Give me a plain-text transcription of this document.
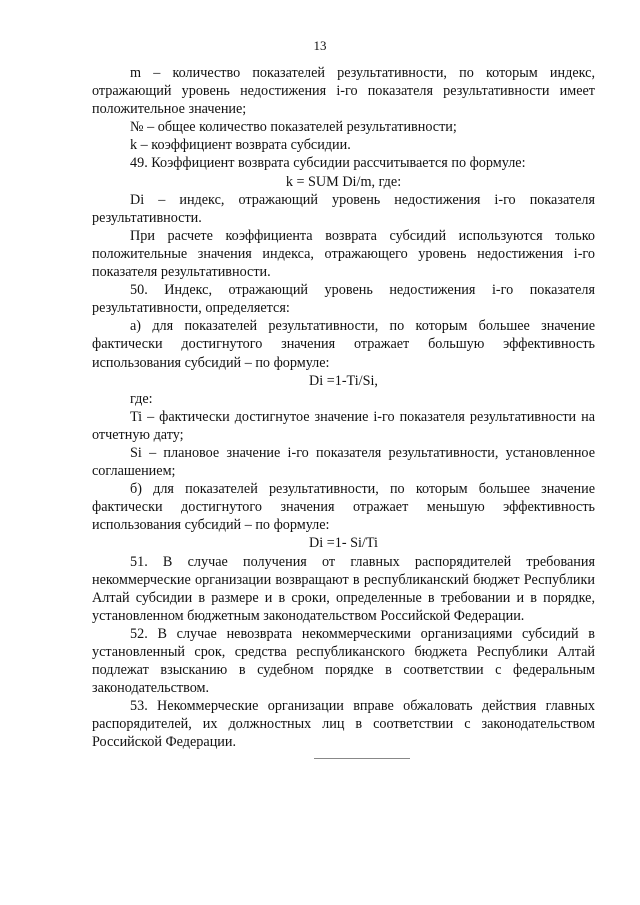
13

m – количество показателей результативности, по которым индекс, отражающий уровень недостижения i-го показателя результативности имеет положительное значение;

№ – общее количество показателей результативности;

k – коэффициент возврата субсидии.

49. Коэффициент возврата субсидии рассчитывается по формуле:

k = SUM Di/m, где:

Di – индекс, отражающий уровень недостижения i-го показателя результативности.

При расчете коэффициента возврата субсидий используются только положительные значения индекса, отражающего уровень недостижения i-го показателя результативности.

50. Индекс, отражающий уровень недостижения i-го показателя результативности, определяется:

а) для показателей результативности, по которым большее значение фактически достигнутого значения отражает большую эффективность использования субсидий – по формуле:

Di =1-Ti/Si,

где:

Ti – фактически достигнутое значение i-го показателя результативности на отчетную дату;

Si – плановое значение i-го показателя результативности, установленное соглашением;

б) для показателей результативности, по которым большее значение фактически достигнутого значения отражает меньшую эффективность использования субсидий – по формуле:

Di =1- Si/Ti

51. В случае получения от главных распорядителей требования некоммерческие организации возвращают в республиканский бюджет Республики Алтай субсидии в размере и в сроки, определенные в требовании и в порядке, установленном бюджетным законодательством Российской Федерации.

52. В случае невозврата некоммерческими организациями субсидий в установленный срок, средства республиканского бюджета Республики Алтай подлежат взысканию в судебном порядке в соответствии с федеральным законодательством.

53. Некоммерческие организации вправе обжаловать действия главных распорядителей, их должностных лиц в соответствии с законодательством Российской Федерации.
